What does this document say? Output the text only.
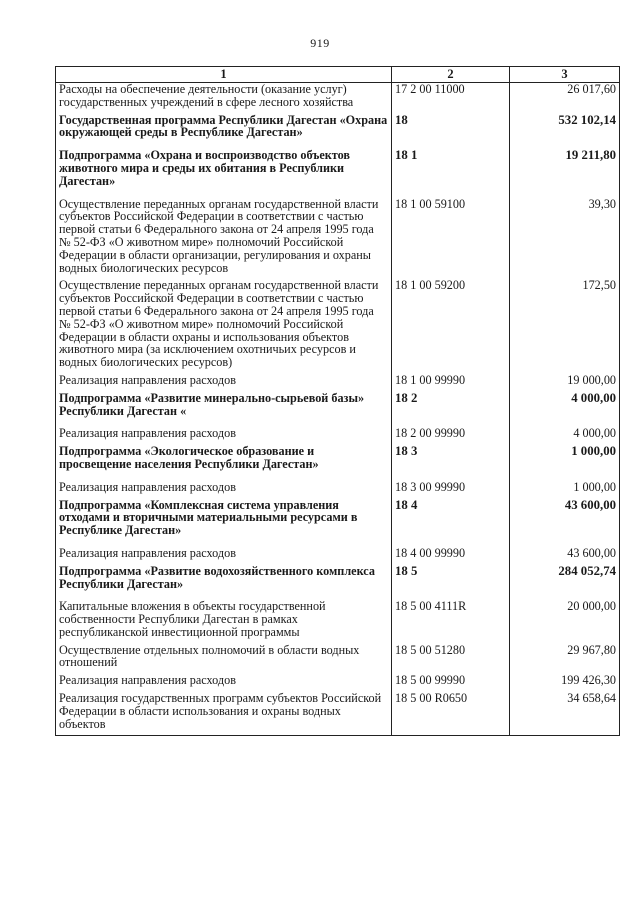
919
1	2	3

Расходы на обеспечение деятельности (оказание услуг) государственных учреждений в сфере лесного хозяйства	17 2 00 11000	26 017,60

Государственная программа Республики Дагестан «Охрана окружающей среды в Республике Дагестан»	18	532 102,14

Подпрограмма «Охрана и воспроизводство объектов животного мира и среды их обитания в Республики Дагестан»	18 1	19 211,80

Осуществление переданных органам государственной власти субъектов Российской Федерации в соответствии с частью первой статьи 6 Федерального закона от 24 апреля 1995 года № 52-ФЗ «О животном мире» полномочий Российской Федерации в области организации, регулирования и охраны водных биологических ресурсов	18 1 00 59100	39,30

Осуществление переданных органам государственной власти субъектов Российской Федерации в соответствии с частью первой статьи 6 Федерального закона от 24 апреля 1995 года № 52-ФЗ «О животном мире» полномочий Российской Федерации в области охраны и использования объектов животного мира (за исключением охотничьих ресурсов и водных биологических ресурсов)	18 1 00 59200	172,50

Реализация направления расходов	18 1 00 99990	19 000,00

Подпрограмма «Развитие минерально-сырьевой базы» Республики Дагестан «	18 2	4 000,00

Реализация направления расходов	18 2 00 99990	4 000,00

Подпрограмма «Экологическое образование и просвещение населения Республики Дагестан»	18 3	1 000,00

Реализация направления расходов	18 3 00 99990	1 000,00

Подпрограмма «Комплексная система управления отходами и вторичными материальными ресурсами в Республике Дагестан»	18 4	43 600,00

Реализация направления расходов	18 4 00 99990	43 600,00

Подпрограмма «Развитие водохозяйственного комплекса Республики Дагестан»	18 5	284 052,74

Капитальные вложения в объекты государственной собственности Республики Дагестан в рамках республиканской инвестиционной программы	18 5 00 4111R	20 000,00

Осуществление отдельных полномочий в области водных отношений	18 5 00 51280	29 967,80

Реализация направления расходов	18 5 00 99990	199 426,30

Реализация государственных программ субъектов Российской Федерации в области использования и охраны водных объектов	18 5 00 R0650	34 658,64
